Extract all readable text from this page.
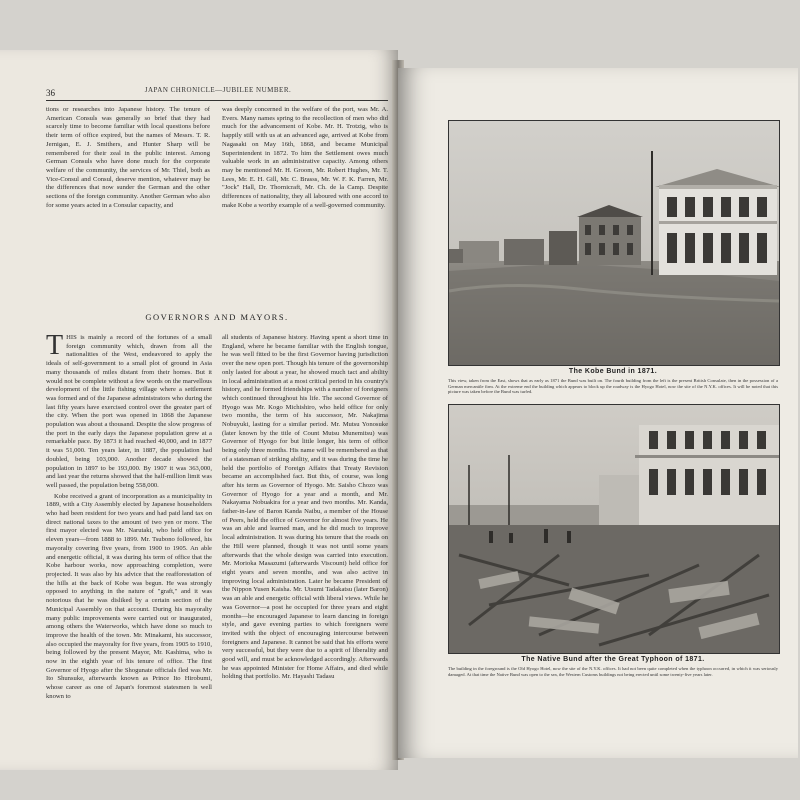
36	JAPAN CHRONICLE—JUBILEE NUMBER.

tions or researches into Japanese history. The tenure of American Consuls was generally so brief that they had scarcely time to become familiar with local questions before their term of office expired, but the names of Messrs. T. R. Jernigan, E. J. Smithers, and Hunter Sharp will be remembered for their zeal in the public interest. Among German Consuls who have done much for the corporate welfare of the community, the services of Mr. Thiel, both as Vice-Consul and Consul, deserve mention, whatever may be the differences that now sunder the German and the other sections of the foreign community. Another German who also for some years acted in a Consular capacity, and

was deeply concerned in the welfare of the port, was Mr. A. Evers. Many names spring to the recollection of men who did much for the advancement of Kobe. Mr. H. Trotzig, who is happily still with us at an advanced age, arrived at Kobe from Nagasaki on May 16th, 1868, and became Municipal Superintendent in 1872. To him the Settlement owes much valuable work in an administrative capacity. Among others may be mentioned Mr. H. Groom, Mr. Robert Hughes, Mr. T. Lees, Mr. E. H. Gill, Mr. C. Brasss, Mr. W. F. K. Farren, Mr. "Jock" Hall, Dr. Thornicraft, Mr. Ch. de la Camp. Despite differences of nationality, they all laboured with one accord to make Kobe a worthy example of a well-governed community.

GOVERNORS AND MAYORS.
T HIS is mainly a record of the fortunes of a small foreign community which, drawn from all the nationalities of the West, endeavored to apply the ideals of self-government to a small plot of ground in Asia many thousands of miles distant from their homes. But it would not be complete without a few words on the marvellous development of the little fishing village where a settlement was formed and of the Japanese administrators who during the last fifty years have exercised control over the greater part of the city. When the port was opened in 1868 the Japanese population was about a thousand. Despite the slow progress of the port in the early days the Japanese population grew at a remarkable pace. By 1873 it had reached 40,000, and in 1877 it was 51,000. Ten years later, in 1887, the population had doubled, being 103,000. Another decade showed the population in 1897 to be 193,000. By 1907 it was 363,000, and last year the returns showed that the half-million limit was well passed, the population being 558,000.

Kobe received a grant of incorporation as a municipality in 1889, with a City Assembly elected by Japanese householders who had been resident for two years and had paid land tax on direct national taxes to the amount of two yen or more. The first mayor elected was Mr. Narutaki, who held office for eleven years—from 1888 to 1899. Mr. Tsubono followed, his mayoralty covering five years, from 1900 to 1905. An able and energetic official, it was during his term of office that the Kobe harbour works, now approaching completion, were projected. It was also by his advice that the reafforestation of the hills at the back of Kobe was begun. He was strongly opposed to anything in the nature of "graft," and it was notorious that he was disliked by a certain section of the Municipal Assembly on that account. During his mayoralty many public improvements were carried out or inaugurated, among others the Waterworks, which have done so much to improve the health of the town. Mr. Minakami, his successor, also occupied the mayoralty for five years, from 1905 to 1910, being followed by the present Mayor, Mr. Kashima, who is now in the eighth year of his tenure of office. The first Governor of Hyogo after the Shogunate officials fled was Mr. Ito Shunsuke, afterwards known as Prince Ito Hirobumi, whose career as one of Japan's foremost statesmen is well known to

all students of Japanese history. Having spent a short time in England, where he became familiar with the English tongue, he was well fitted to be the first Governor having jurisdiction over the new open port. Though his tenure of the governorship only lasted for about a year, he showed much tact and ability in local administration at a most critical period in his country's history, and he formed friendships with a number of foreigners which continued throughout his life. The second Governor of Hyogo was Mr. Kogo Michishiro, who held office for only two months, the term of his successor, Mr. Nakajima Nobuyuki, lasting for a similar period. Mr. Mutsu Yonosuke (later known by the title of Count Mutsu Munemitsu) was Governor of Hyogo for but little longer, his term of office being only three months. His name will be remembered as that of a statesman of striking ability, and it was during the time he held the portfolio of Foreign Affairs that Treaty Revision became an accomplished fact. But this, of course, was long after his term as Governor of Hyogo. Mr. Saisho Chozo was Governor of Hyogo for a year and a month, and Mr. Nakayama Nobuakira for a year and two months. Mr. Kanda, father-in-law of Baron Kanda Naibu, a member of the House of Peers, held the office of Governor for almost five years. He was an able and learned man, and he did much to improve local administration. It was during his tenure that the roads on the Hill were planned, though it was not until some years afterwards that the whole design was carried into execution. Mr. Morioka Masazumi (afterwards Viscount) held office for eight years and seven months, and was also active in improving local administration. Later he became President of the Nippon Yusen Kaisha. Mr. Utsumi Tadakatsu (later Baron) was an able and energetic official with liberal views. While he was Governor—a post he occupied for three years and eight months—he encouraged Japanese to learn dancing in foreign style, and gave evening parties to which foreigners were invited with the object of encouraging intercourse between foreigners and Japanese. It cannot be said that his efforts were very successful, but they were due to a spirit of liberality and good will, and must be acknowledged accordingly. Afterwards he was appointed Minister for Home Affairs, and died while holding that portfolio. Mr. Hayashi Tadasu

The Kobe Bund in 1871.
This view, taken from the East, shows that as early as 1871 the Bund was built on. The fourth building from the left is the present British Consulate, then in the possession of a German mercantile firm. At the extreme end the building which appears to block up the roadway is the Hyogo Hotel, now the site of the N.Y.K. offices. It will be noted that this picture was taken before the Bund was turfed.
The Native Bund after the Great Typhoon of 1871.
The building in the foreground is the Old Hyogo Hotel, now the site of the N.Y.K. offices. It had not been quite completed when the typhoon occurred, in which it was seriously damaged. At that time the Native Bund was open to the sea, the Western Customs buildings not being erected until some twenty-five years later.
